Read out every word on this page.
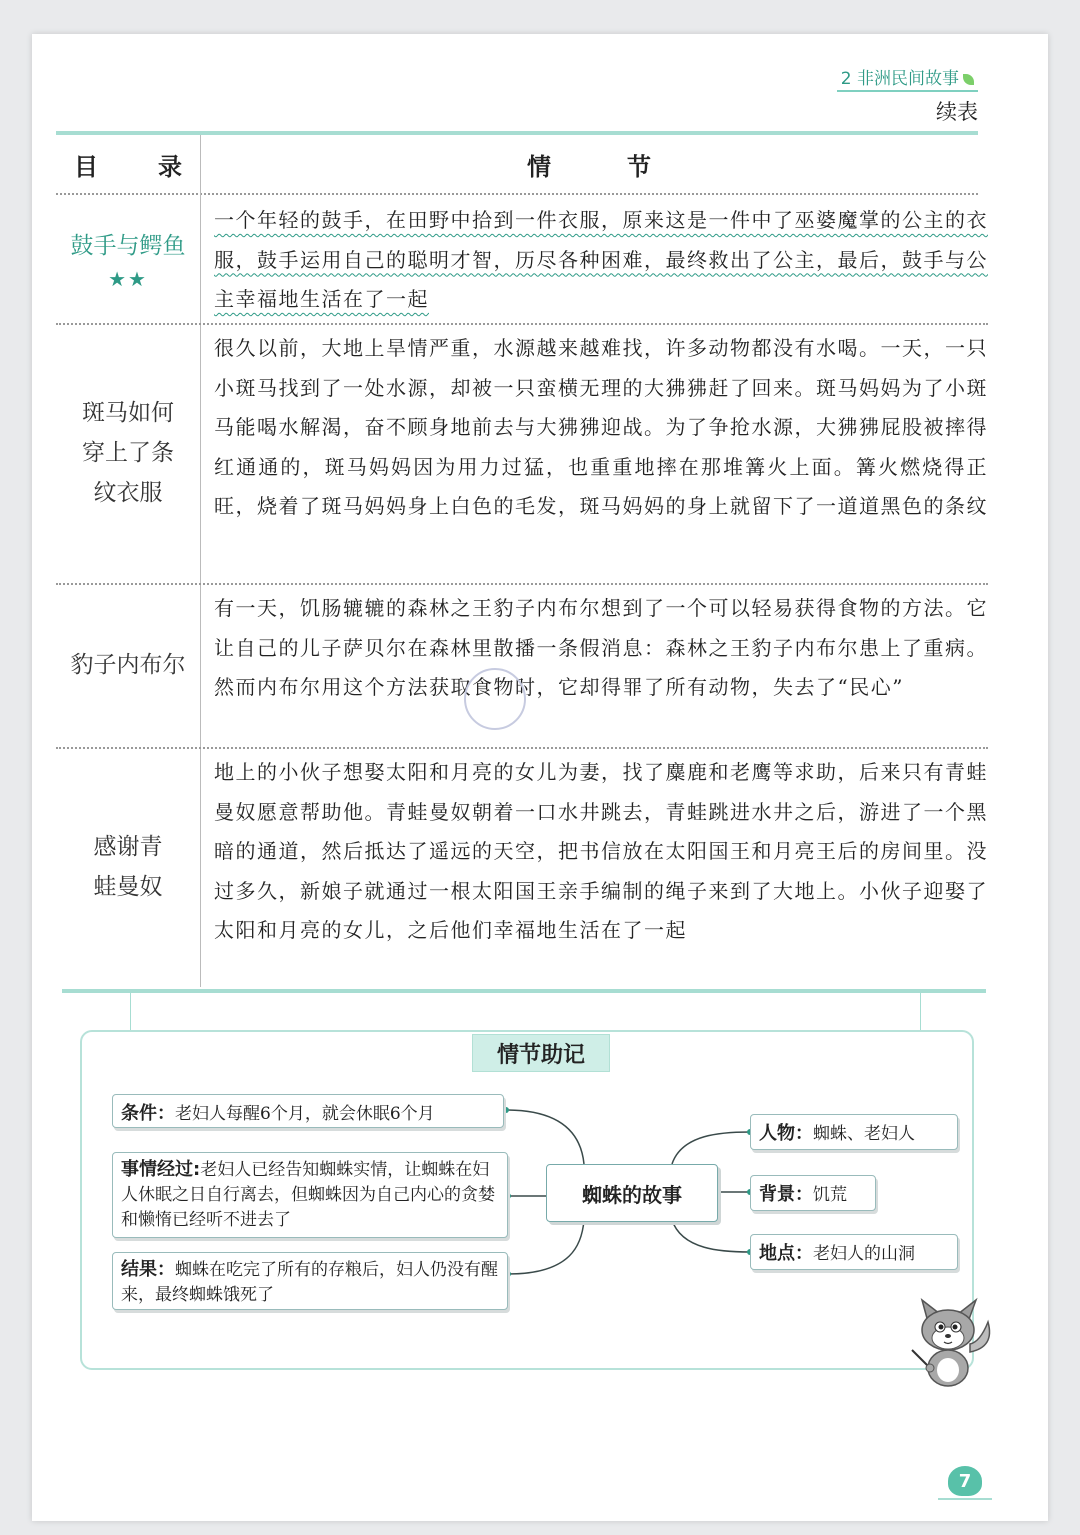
2 非洲民间故事
续表
目　录	情　节
鼓手与鳄鱼
★★
一个年轻的鼓手，在田野中拾到一件衣服，原来这是一件中了巫婆魔掌的公主的衣服，鼓手运用自己的聪明才智，历尽各种困难，最终救出了公主，最后，鼓手与公主幸福地生活在了一起
斑马如何
穿上了条
纹衣服
很久以前，大地上旱情严重，水源越来越难找，许多动物都没有水喝。一天，一只小斑马找到了一处水源，却被一只蛮横无理的大狒狒赶了回来。斑马妈妈为了小斑马能喝水解渴，奋不顾身地前去与大狒狒迎战。为了争抢水源，大狒狒屁股被摔得红通通的，斑马妈妈因为用力过猛，也重重地摔在那堆篝火上面。篝火燃烧得正旺，烧着了斑马妈妈身上白色的毛发，斑马妈妈的身上就留下了一道道黑色的条纹
豹子内布尔
有一天，饥肠辘辘的森林之王豹子内布尔想到了一个可以轻易获得食物的方法。它让自己的儿子萨贝尔在森林里散播一条假消息：森林之王豹子内布尔患上了重病。然而内布尔用这个方法获取食物时，它却得罪了所有动物，失去了“民心”
感谢青
蛙曼奴
地上的小伙子想娶太阳和月亮的女儿为妻，找了麋鹿和老鹰等求助，后来只有青蛙曼奴愿意帮助他。青蛙曼奴朝着一口水井跳去，青蛙跳进水井之后，游进了一个黑暗的通道，然后抵达了遥远的天空，把书信放在太阳国王和月亮王后的房间里。没过多久，新娘子就通过一根太阳国王亲手编制的绳子来到了大地上。小伙子迎娶了太阳和月亮的女儿，之后他们幸福地生活在了一起
情节助记
条件：老妇人每醒6个月，就会休眠6个月
事情经过:老妇人已经告知蜘蛛实情，让蜘蛛在妇人休眠之日自行离去，但蜘蛛因为自己内心的贪婪和懒惰已经听不进去了
结果：蜘蛛在吃完了所有的存粮后，妇人仍没有醒来，最终蜘蛛饿死了
蜘蛛的故事
人物：蜘蛛、老妇人
背景：饥荒
地点：老妇人的山洞
7
